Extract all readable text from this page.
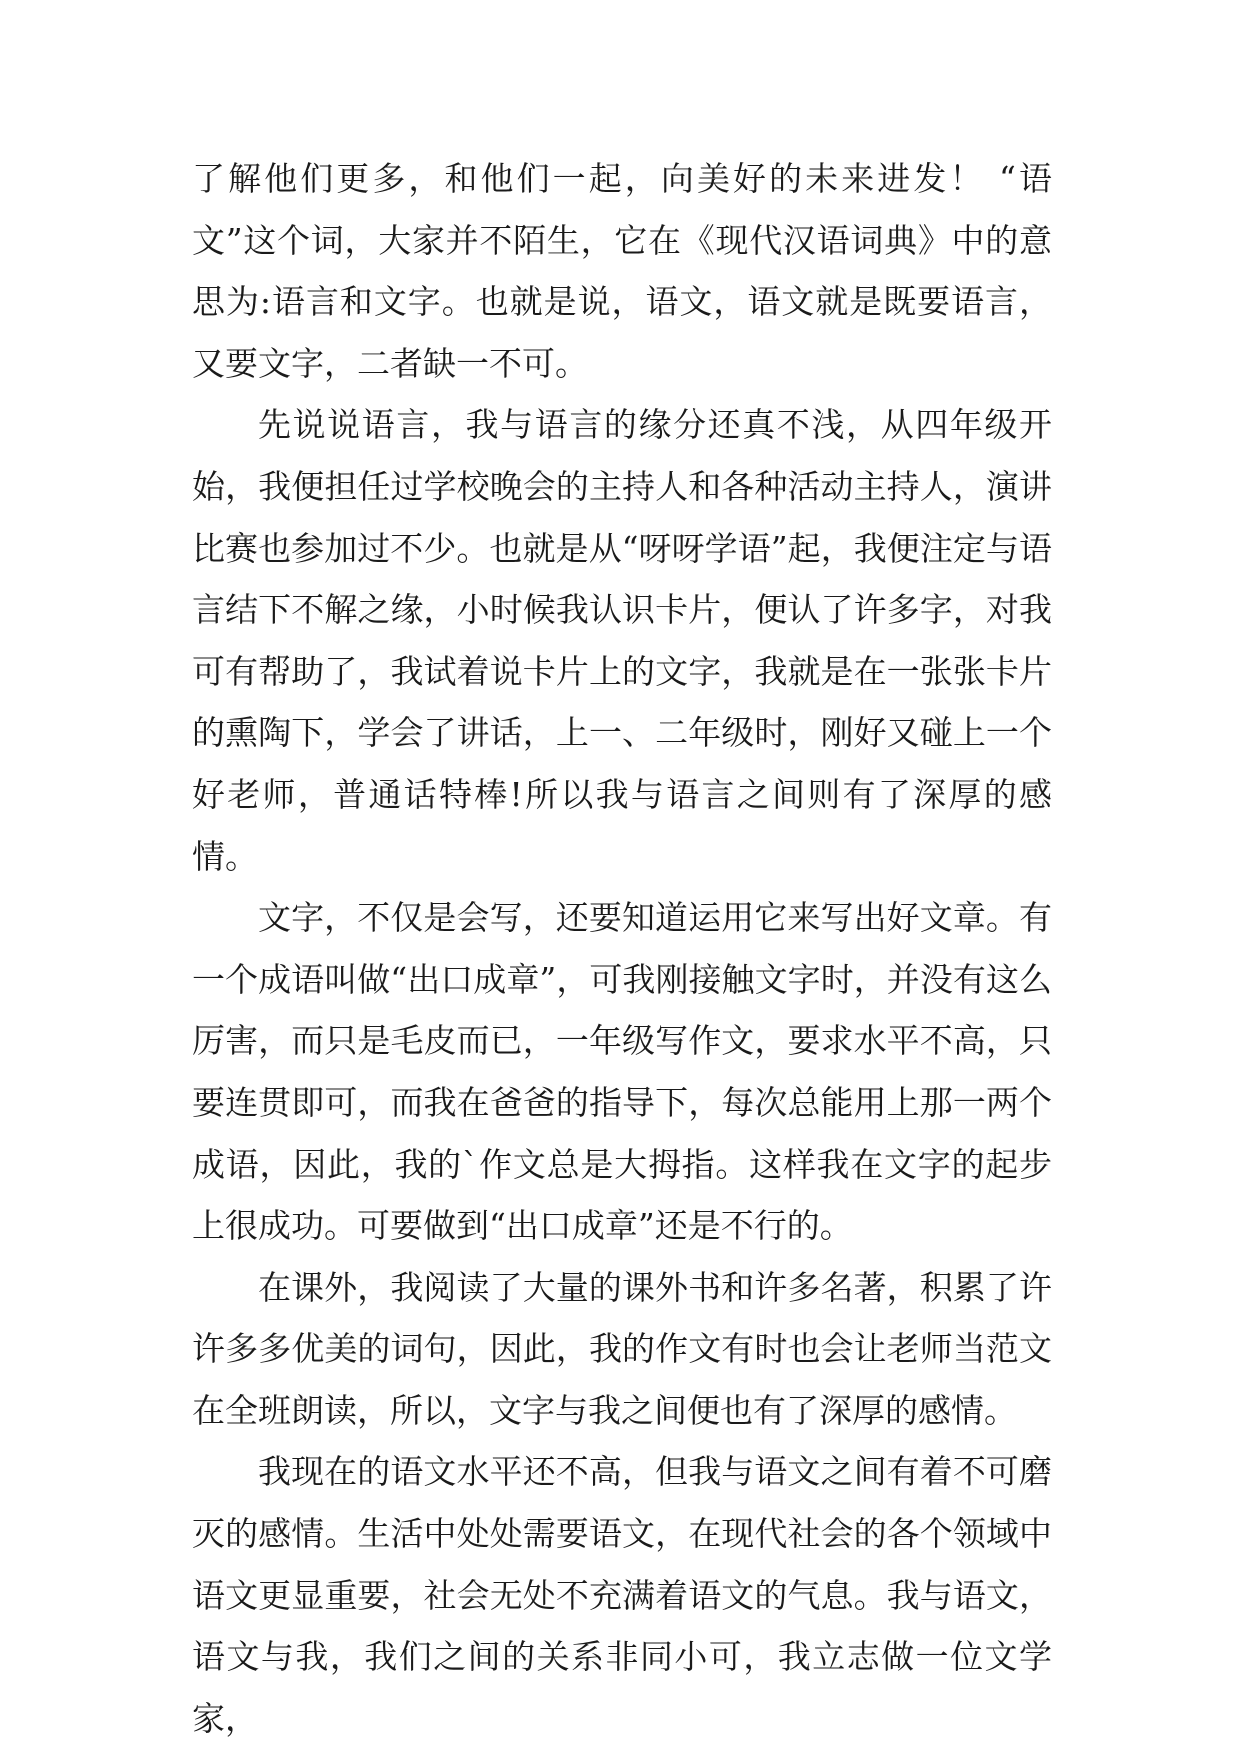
了解他们更多，和他们一起，向美好的未来进发！ “语文”这个词，大家并不陌生，它在《现代汉语词典》中的意思为:语言和文字。也就是说，语文，语文就是既要语言，又要文字，二者缺一不可。

先说说语言，我与语言的缘分还真不浅，从四年级开始，我便担任过学校晚会的主持人和各种活动主持人，演讲比赛也参加过不少。也就是从“呀呀学语”起，我便注定与语言结下不解之缘，小时候我认识卡片，便认了许多字，对我可有帮助了，我试着说卡片上的文字，我就是在一张张卡片的熏陶下，学会了讲话，上一、二年级时，刚好又碰上一个好老师，普通话特棒!所以我与语言之间则有了深厚的感情。

文字，不仅是会写，还要知道运用它来写出好文章。有一个成语叫做“出口成章”，可我刚接触文字时，并没有这么厉害，而只是毛皮而已，一年级写作文，要求水平不高，只要连贯即可，而我在爸爸的指导下，每次总能用上那一两个成语，因此，我的`作文总是大拇指。这样我在文字的起步上很成功。可要做到“出口成章”还是不行的。

在课外，我阅读了大量的课外书和许多名著，积累了许许多多优美的词句，因此，我的作文有时也会让老师当范文在全班朗读，所以，文字与我之间便也有了深厚的感情。

我现在的语文水平还不高，但我与语文之间有着不可磨灭的感情。生活中处处需要语文，在现代社会的各个领域中语文更显重要，社会无处不充满着语文的气息。我与语文，语文与我，我们之间的关系非同小可，我立志做一位文学家，
